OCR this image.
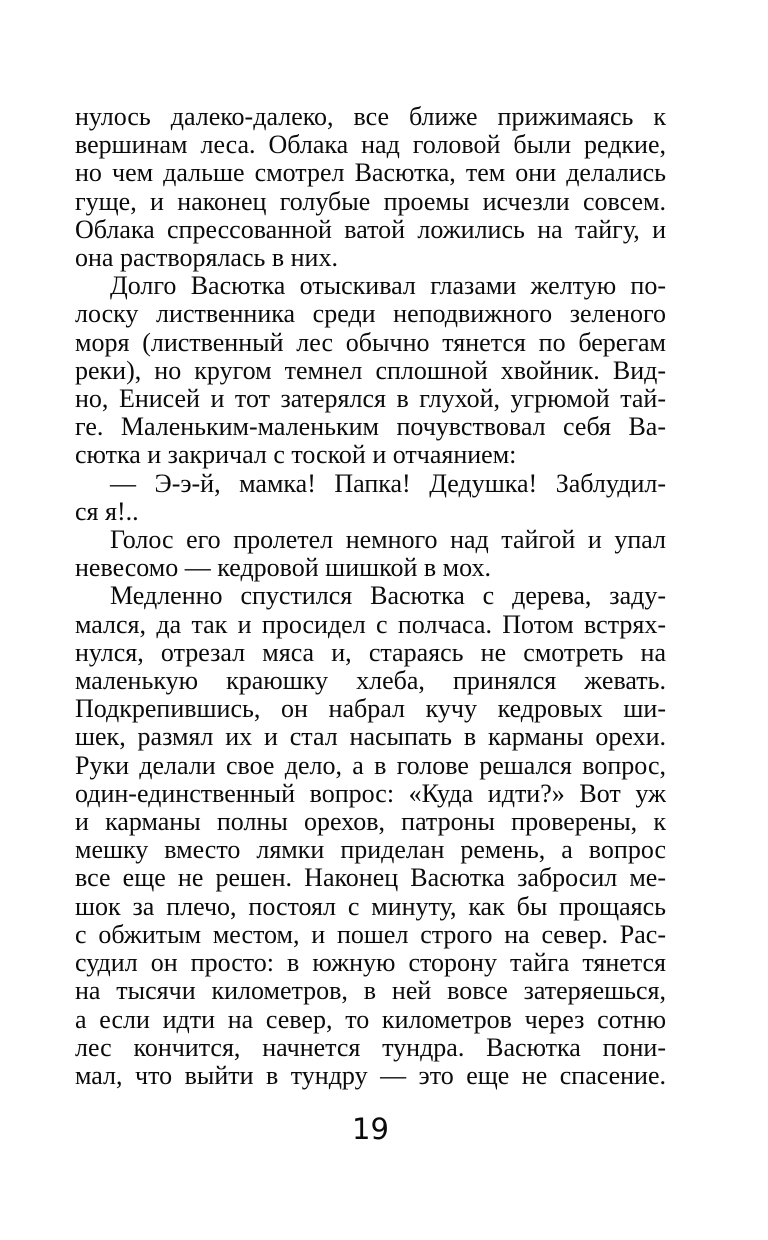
нулось далеко-далеко, все ближе прижимаясь к
вершинам леса. Облака над головой были редкие,
но чем дальше смотрел Васютка, тем они делались
гуще, и наконец голубые проемы исчезли совсем.
Облака спрессованной ватой ложились на тайгу, и
она растворялась в них.
Долго Васютка отыскивал глазами желтую по-
лоску лиственника среди неподвижного зеленого
моря (лиственный лес обычно тянется по берегам
реки), но кругом темнел сплошной хвойник. Вид-
но, Енисей и тот затерялся в глухой, угрюмой тай-
ге. Маленьким-маленьким почувствовал себя Ва-
сютка и закричал с тоской и отчаянием:
— Э-э-й, мамка! Папка! Дедушка! Заблудил-
ся я!..
Голос его пролетел немного над тайгой и упал
невесомо — кедровой шишкой в мох.
Медленно спустился Васютка с дерева, заду-
мался, да так и просидел с полчаса. Потом встрях-
нулся, отрезал мяса и, стараясь не смотреть на
маленькую краюшку хлеба, принялся жевать.
Подкрепившись, он набрал кучу кедровых ши-
шек, размял их и стал насыпать в карманы орехи.
Руки делали свое дело, а в голове решался вопрос,
один-единственный вопрос: «Куда идти?» Вот уж
и карманы полны орехов, патроны проверены, к
мешку вместо лямки приделан ремень, а вопрос
все еще не решен. Наконец Васютка забросил ме-
шок за плечо, постоял с минуту, как бы прощаясь
с обжитым местом, и пошел строго на север. Рас-
судил он просто: в южную сторону тайга тянется
на тысячи километров, в ней вовсе затеряешься,
а если идти на север, то километров через сотню
лес кончится, начнется тундра. Васютка пони-
мал, что выйти в тундру — это еще не спасение.
19
